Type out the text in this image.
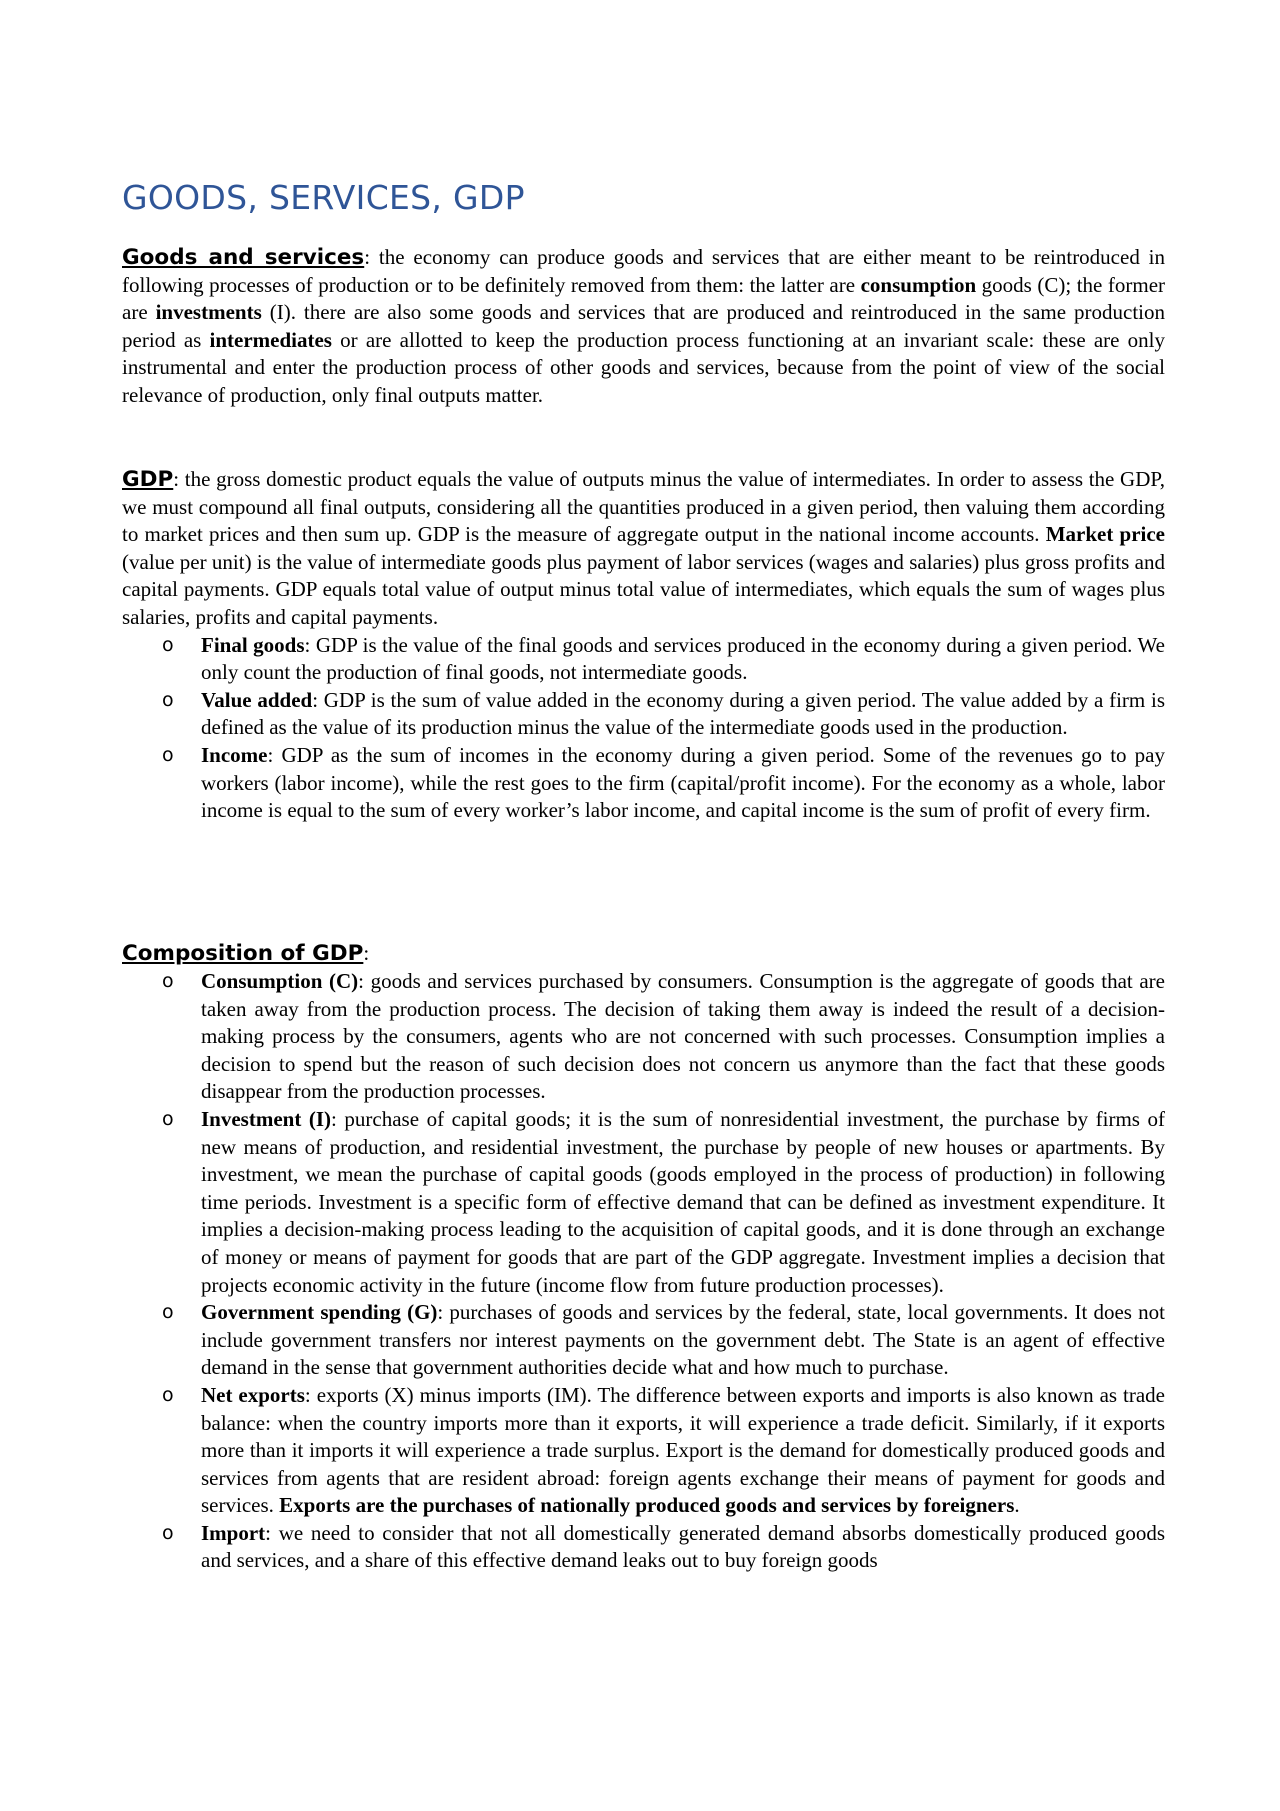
GOODS, SERVICES, GDP

Goods and services: the economy can produce goods and services that are either meant to be reintroduced in following processes of production or to be definitely removed from them: the latter are consumption goods (C); the former are investments (I). there are also some goods and services that are produced and reintroduced in the same production period as intermediates or are allotted to keep the production process functioning at an invariant scale: these are only instrumental and enter the production process of other goods and services, because from the point of view of the social relevance of production, only final outputs matter.

GDP: the gross domestic product equals the value of outputs minus the value of intermediates. In order to assess the GDP, we must compound all final outputs, considering all the quantities produced in a given period, then valuing them according to market prices and then sum up. GDP is the measure of aggregate output in the national income accounts. Market price (value per unit) is the value of intermediate goods plus payment of labor services (wages and salaries) plus gross profits and capital payments. GDP equals total value of output minus total value of intermediates, which equals the sum of wages plus salaries, profits and capital payments.

o Final goods: GDP is the value of the final goods and services produced in the economy during a given period. We only count the production of final goods, not intermediate goods.
o Value added: GDP is the sum of value added in the economy during a given period. The value added by a firm is defined as the value of its production minus the value of the intermediate goods used in the production.
o Income: GDP as the sum of incomes in the economy during a given period. Some of the revenues go to pay workers (labor income), while the rest goes to the firm (capital/profit income). For the economy as a whole, labor income is equal to the sum of every worker’s labor income, and capital income is the sum of profit of every firm.

Composition of GDP:

o Consumption (C): goods and services purchased by consumers. Consumption is the aggregate of goods that are taken away from the production process. The decision of taking them away is indeed the result of a decision-making process by the consumers, agents who are not concerned with such processes. Consumption implies a decision to spend but the reason of such decision does not concern us anymore than the fact that these goods disappear from the production processes.
o Investment (I): purchase of capital goods; it is the sum of nonresidential investment, the purchase by firms of new means of production, and residential investment, the purchase by people of new houses or apartments. By investment, we mean the purchase of capital goods (goods employed in the process of production) in following time periods. Investment is a specific form of effective demand that can be defined as investment expenditure. It implies a decision-making process leading to the acquisition of capital goods, and it is done through an exchange of money or means of payment for goods that are part of the GDP aggregate. Investment implies a decision that projects economic activity in the future (income flow from future production processes).
o Government spending (G): purchases of goods and services by the federal, state, local governments. It does not include government transfers nor interest payments on the government debt. The State is an agent of effective demand in the sense that government authorities decide what and how much to purchase.
o Net exports: exports (X) minus imports (IM). The difference between exports and imports is also known as trade balance: when the country imports more than it exports, it will experience a trade deficit. Similarly, if it exports more than it imports it will experience a trade surplus. Export is the demand for domestically produced goods and services from agents that are resident abroad: foreign agents exchange their means of payment for goods and services. Exports are the purchases of nationally produced goods and services by foreigners.
o Import: we need to consider that not all domestically generated demand absorbs domestically produced goods and services, and a share of this effective demand leaks out to buy foreign goods
